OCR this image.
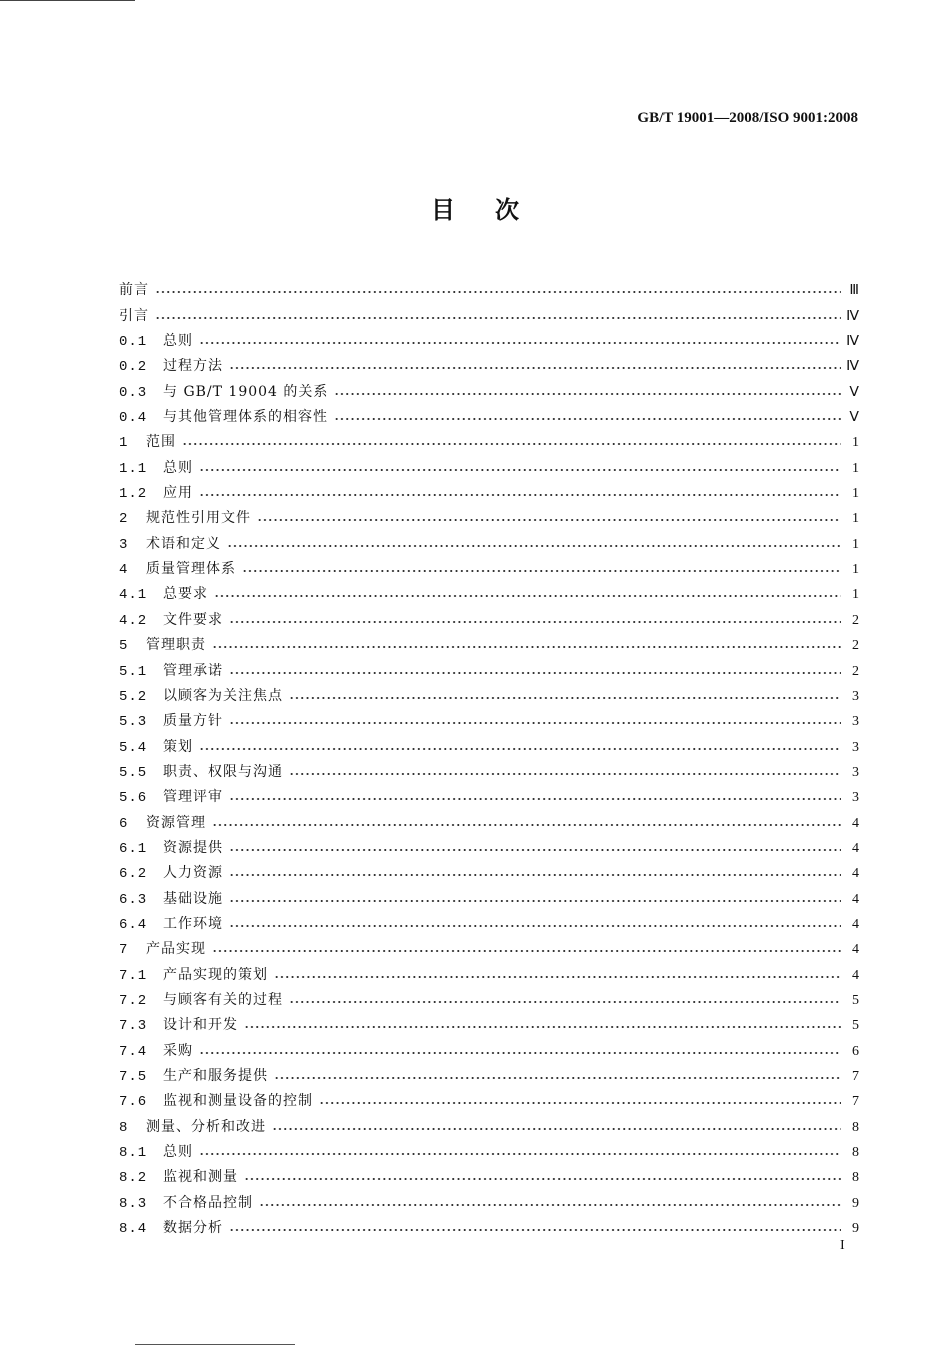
GB/T 19001—2008/ISO 9001:2008
目次
前言	Ⅲ
引言	Ⅳ
0.1	总则	Ⅳ
0.2	过程方法	Ⅳ
0.3	与 GB/T 19004 的关系	Ⅴ
0.4	与其他管理体系的相容性	Ⅴ
1	范围	1
1.1	总则	1
1.2	应用	1
2	规范性引用文件	1
3	术语和定义	1
4	质量管理体系	1
4.1	总要求	1
4.2	文件要求	2
5	管理职责	2
5.1	管理承诺	2
5.2	以顾客为关注焦点	3
5.3	质量方针	3
5.4	策划	3
5.5	职责、权限与沟通	3
5.6	管理评审	3
6	资源管理	4
6.1	资源提供	4
6.2	人力资源	4
6.3	基础设施	4
6.4	工作环境	4
7	产品实现	4
7.1	产品实现的策划	4
7.2	与顾客有关的过程	5
7.3	设计和开发	5
7.4	采购	6
7.5	生产和服务提供	7
7.6	监视和测量设备的控制	7
8	测量、分析和改进	8
8.1	总则	8
8.2	监视和测量	8
8.3	不合格品控制	9
8.4	数据分析	9
I
